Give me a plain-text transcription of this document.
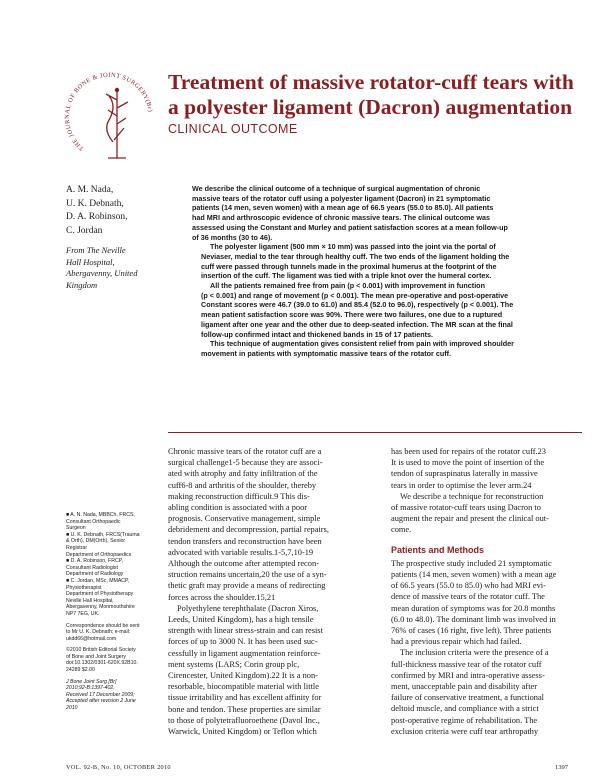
THE JOURNAL OF BONE & JOINT SURGERY(Br)
Treatment of massive rotator-cuff tears with
a polyester ligament (Dacron) augmentation
CLINICAL OUTCOME
A. M. Nada,
U. K. Debnath,
D. A. Robinson,
C. Jordan
From The Neville
Hall Hospital,
Abergavenny, United
Kingdom

We describe the clinical outcome of a technique of surgical augmentation of chronic
massive tears of the rotator cuff using a polyester ligament (Dacron) in 21 symptomatic
patients (14 men, seven women) with a mean age of 66.5 years (55.0 to 85.0). All patients
had MRI and arthroscopic evidence of chronic massive tears. The clinical outcome was
assessed using the Constant and Murley and patient satisfaction scores at a mean follow-up
of 36 months (30 to 46).

The polyester ligament (500 mm × 10 mm) was passed into the joint via the portal of
Neviaser, medial to the tear through healthy cuff. The two ends of the ligament holding the
cuff were passed through tunnels made in the proximal humerus at the footprint of the
insertion of the cuff. The ligament was tied with a triple knot over the humeral cortex.

All the patients remained free from pain (p < 0.001) with improvement in function
(p < 0.001) and range of movement (p < 0.001). The mean pre-operative and post-operative
Constant scores were 46.7 (39.0 to 61.0) and 85.4 (52.0 to 96.0), respectively (p < 0.001). The
mean patient satisfaction score was 90%. There were two failures, one due to a ruptured
ligament after one year and the other due to deep-seated infection. The MR scan at the final
follow-up confirmed intact and thickened bands in 15 of 17 patients.

This technique of augmentation gives consistent relief from pain with improved shoulder
movement in patients with symptomatic massive tears of the rotator cuff.

■ A. N. Nada, MBBCh, FRCS,
Consultant Orthopaedic
Surgeon
■ U. K. Debnath, FRCS(Trauma
& Orth), DM(Orth), Senior
Registrar
Department of Orthopaedics
■ D. A. Robinson, FRCP,
Consultant Radiologist
Department of Radiology
■ C. Jordan, MSc, MMACP,
Physiotherapist
Department of Physiotherapy
Neville Hall Hospital,
Abergavenny, Monmouthshire
NP7 7EG, UK.
Correspondence should be sent
to Mr U. K. Debnath; e-mail:
ukdd66@hotmail.com
©2010 British Editorial Society
of Bone and Joint Surgery
doi:10.1302/0301-620X.92B10.
24289 $2.00
J Bone Joint Surg [Br]
2010;92-B:1397-402.
Received 17 December 2009;
Accepted after revision 2 June
2010
Chronic massive tears of the rotator cuff are a
surgical challenge1-5 because they are associ-
ated with atrophy and fatty infiltration of the
cuff6-8 and arthritis of the shoulder, thereby
making reconstruction difficult.9 This dis-
abling condition is associated with a poor
prognosis. Conservative management, simple
debridement and decompression, partial repairs,
tendon transfers and reconstruction have been
advocated with variable results.1-5,7,10-19
Although the outcome after attempted recon-
struction remains uncertain,20 the use of a syn-
thetic graft may provide a means of redirecting
forces across the shoulder.15,21
Polyethylene terephthalate (Dacron Xiros,
Leeds, United Kingdom), has a high tensile
strength with linear stress-strain and can resist
forces of up to 3000 N. It has been used suc-
cessfully in ligament augmentation reinforce-
ment systems (LARS; Corin group plc,
Cirencester, United Kingdom).22 It is a non-
resorbable, biocompatible material with little
tissue irritability and has excellent affinity for
bone and tendon. These properties are similar
to those of polytetrafluoroethene (Davol Inc.,
Warwick, United Kingdom) or Teflon which
has been used for repairs of the rotator cuff.23
It is used to move the point of insertion of the
tendon of supraspinatus laterally in massive
tears in order to optimise the lever arm.24
We describe a technique for reconstruction
of massive rotator-cuff tears using Dacron to
augment the repair and present the clinical out-
come.
Patients and Methods
The prospective study included 21 symptomatic
patients (14 men, seven women) with a mean age
of 66.5 years (55.0 to 85.0) who had MRI evi-
dence of massive tears of the rotator cuff. The
mean duration of symptoms was for 20.8 months
(6.0 to 48.0). The dominant limb was involved in
76% of cases (16 right, five left). Three patients
had a previous repair which had failed.
The inclusion criteria were the presence of a
full-thickness massive tear of the rotator cuff
confirmed by MRI and intra-operative assess-
ment, unacceptable pain and disability after
failure of conservative treatment, a functional
deltoid muscle, and compliance with a strict
post-operative regime of rehabilitation. The
exclusion criteria were cuff tear arthropathy
VOL. 92-B, No. 10, OCTOBER 2010	1397
